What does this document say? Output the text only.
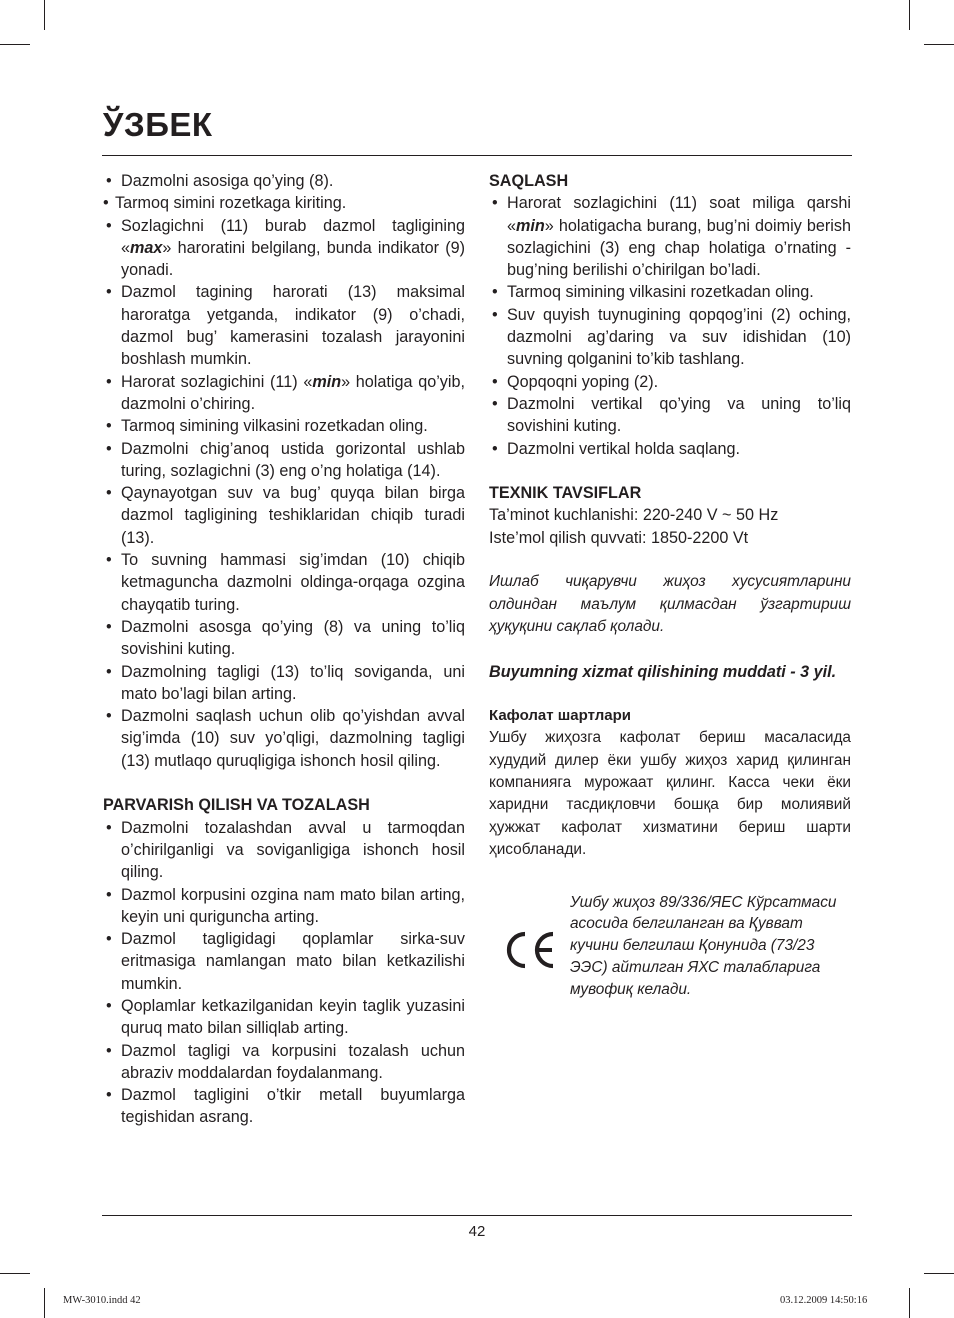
ЎЗБЕК
• Dazmolni asosiga qo’ying (8).
• Tarmoq simini rozetkaga kiriting.
• Sozlagichni (11) burab dazmol tagligining «max» haroratini belgilang, bunda indikator (9) yonadi.
• Dazmol tagining harorati (13) maksimal haroratga yetganda, indikator (9) o’chadi, dazmol bug’ kamerasini tozalash jarayonini boshlash mumkin.
• Harorat sozlagichini (11) «min» holatiga qo’yib, dazmolni o’chiring.
• Tarmoq simining vilkasini rozetkadan oling.
• Dazmolni chig’anoq ustida gorizontal ushlab turing, sozlagichni (3) eng o’ng holatiga (14).
• Qaynayotgan suv va bug’ quyqa bilan birga dazmol tagligining teshiklaridan chiqib turadi (13).
• To suvning hammasi sig’imdan (10) chiqib ketmaguncha dazmolni oldinga-orqaga ozgina chayqatib turing.
• Dazmolni asosga qo’ying (8) va uning to’liq sovishini kuting.
• Dazmolning tagligi (13) to’liq soviganda, uni mato bo’lagi bilan arting.
• Dazmolni saqlash uchun olib qo’yishdan avval sig’imda (10) suv yo’qligi, dazmolning tagligi (13) mutlaqo quruqligiga ishonch hosil qiling.

PARVARISh QILISH VA TOZALASH

• Dazmolni tozalashdan avval u tarmoqdan o’chirilganligi va soviganligiga ishonch hosil qiling.
• Dazmol korpusini ozgina nam mato bilan arting, keyin uni quriguncha arting.
• Dazmol tagligidagi qoplamlar sirka-suv eritmasiga namlangan mato bilan ketkazilishi mumkin.
• Qoplamlar ketkazilganidan keyin taglik yuzasini quruq mato bilan silliqlab arting.
• Dazmol tagligi va korpusini tozalash uchun abraziv moddalardan foydalanmang.
• Dazmol tagligini o’tkir metall buyumlarga tegishidan asrang.

SAQLASH

• Harorat sozlagichini (11) soat miliga qarshi «min» holatigacha burang, bug’ni doimiy berish sozlagichini (3) eng chap holatiga o’rnating - bug’ning berilishi o’chirilgan bo’ladi.
• Tarmoq simining vilkasini rozetkadan oling.
• Suv quyish tuynugining qopqog’ini (2) oching, dazmolni ag’daring va suv idishidan (10) suvning qolganini to’kib tashlang.
• Qopqoqni yoping (2).
• Dazmolni vertikal qo’ying va uning to’liq sovishini kuting.
• Dazmolni vertikal holda saqlang.

TEXNIK TAVSIFLAR

Ta’minot kuchlanishi: 220-240 V ~ 50 Hz

Iste’mol qilish quvvati: 1850-2200 Vt

Ишлаб чиқарувчи жиҳоз хусусиятларини олдиндан маълум қилмасдан ўзгартириш ҳуқуқини сақлаб қолади.

Buyumning xizmat qilishining muddati - 3 yil.

Кафолат шартлари

Ушбу жиҳозга кафолат бериш масаласида худудий дилер ёки ушбу жиҳоз харид қилинган компанияга мурожаат қилинг. Касса чеки ёки харидни тасдиқловчи бошқа бир молиявий ҳужжат кафолат хизматини бериш шарти ҳисобланади.

Ушбу жиҳоз 89/336/ЯЕС Кўрсатмаси асосида белгиланган ва Қувват кучини белгилаш Қонунида (73/23 ЭЭС) айтилган ЯХС талабларига мувофиқ келади.

42
MW-3010.indd 42	03.12.2009 14:50:16
